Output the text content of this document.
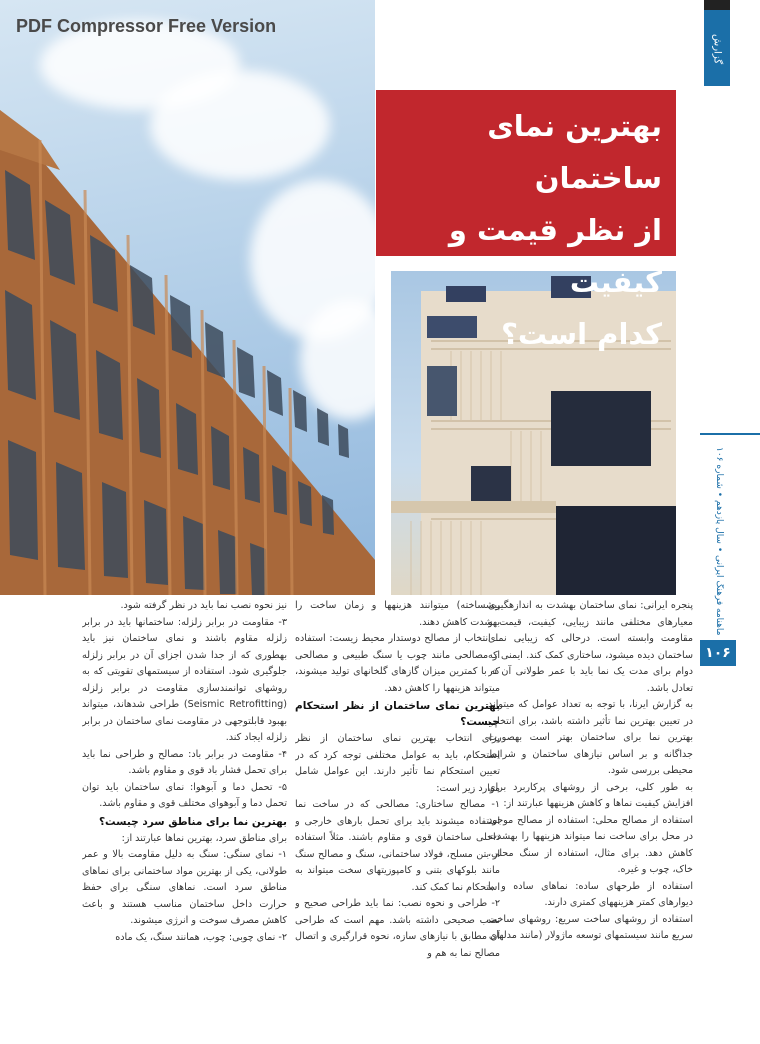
PDF Compressor Free Version
بهترین نمای ساختمان
از نظر قیمت و کیفیت
کدام است؟
گزارش
ماهنامه فرهنگ ایرانی • سال یازدهم • شماره ۱۰۶
۱۰۶

پنجره ایرانی: نمای ساختمان بهشدت به اندازهگیری معیارهای مختلفی مانند زیبایی، کیفیت، قیمت و مقاومت وابسته است. درحالی که زیبایی نمای ساختمان دیده میشود، ساختاری کمک کند. ایمنی که دوام برای مدت یک نما باید با عمر طولانی آن در تعادل باشد.

به گزارش ایرنا، با توجه به تعداد عوامل که میتواند در تعیین بهترین نما تأثیر داشته باشد، برای انتخاب بهترین نما برای ساختمان بهتر است بهصورت جداگانه و بر اساس نیازهای ساختمان و شرایط محیطی بررسی شود.

به طور کلی، برخی از روشهای پرکاربرد برای افزایش کیفیت نماها و کاهش هزینهها عبارتند از:

استفاده از مصالح محلی: استفاده از مصالح موجود در محل برای ساخت نما میتواند هزینهها را بهشدت کاهش دهد. برای مثال، استفاده از سنگ محلی، خاک، چوب و غیره.

استفاده از طرحهای ساده: نماهای ساده و با دیوارهای کمتر هزینههای کمتری دارند.

استفاده از روشهای ساخت سریع: روشهای ساخت سریع مانند سیستمهای توسعه ماژولار (مانند مدلهای

پیشساخته) میتوانند هزینهها و زمان ساخت را بهشدت کاهش دهند.

ــ انتخاب از مصالح دوستدار محیط زیست: استفاده از مصالحی مانند چوب یا سنگ طبیعی و مصالحی که با کمترین میزان گازهای گلخانهای تولید میشوند، میتواند هزینهها را کاهش دهد.

بهترین نمای ساختمان از نظر استحکام چیست؟

برای انتخاب بهترین نمای ساختمان از نظر استحکام، باید به عوامل مختلفی توجه کرد که در تعیین استحکام نما تأثیر دارند. این عوامل شامل موارد زیر است:

۱- مصالح ساختاری: مصالحی که در ساخت نما استفاده میشوند باید برای تحمل بارهای خارجی و داخلی ساختمان قوی و مقاوم باشند. مثلاً استفاده از بتن مسلح، فولاد ساختمانی، سنگ و مصالح سنگ مانند بلوکهای بتنی و کامپوزیتهای سخت میتواند به استحکام نما کمک کند.

۲- طراحی و نحوه نصب: نما باید طراحی صحیح و نصب صحیحی داشته باشد. مهم است که طراحی آن مطابق با نیازهای سازه، نحوه قرارگیری و اتصال مصالح نما به هم و

نیز نحوه نصب نما باید در نظر گرفته شود.

۳- مقاومت در برابر زلزله: ساختمانها باید در برابر زلزله مقاوم باشند و نمای ساختمان نیز باید بهطوری که از جدا شدن اجزای آن در برابر زلزله جلوگیری شود. استفاده از سیستمهای تقویتی که به روشهای توانمندسازی مقاومت در برابر زلزله (Seismic Retrofitting) طراحی شدهاند، میتواند بهبود قابلتوجهی در مقاومت نمای ساختمان در برابر زلزله ایجاد کند.

۴- مقاومت در برابر باد: مصالح و طراحی نما باید برای تحمل فشار باد قوی و مقاوم باشد.

۵- تحمل دما و آبوهوا: نمای ساختمان باید توان تحمل دما و آبوهوای مختلف قوی و مقاوم باشد.

بهترین نما برای مناطق سرد چیست؟

برای مناطق سرد، بهترین نماها عبارتند از:

۱- نمای سنگی: سنگ به دلیل مقاومت بالا و عمر طولانی، یکی از بهترین مواد ساختمانی برای نماهای مناطق سرد است. نماهای سنگی برای حفظ حرارت داخل ساختمان مناسب هستند و باعث کاهش مصرف سوخت و انرژی میشوند.

۲- نمای چوبی: چوب، همانند سنگ، یک ماده
